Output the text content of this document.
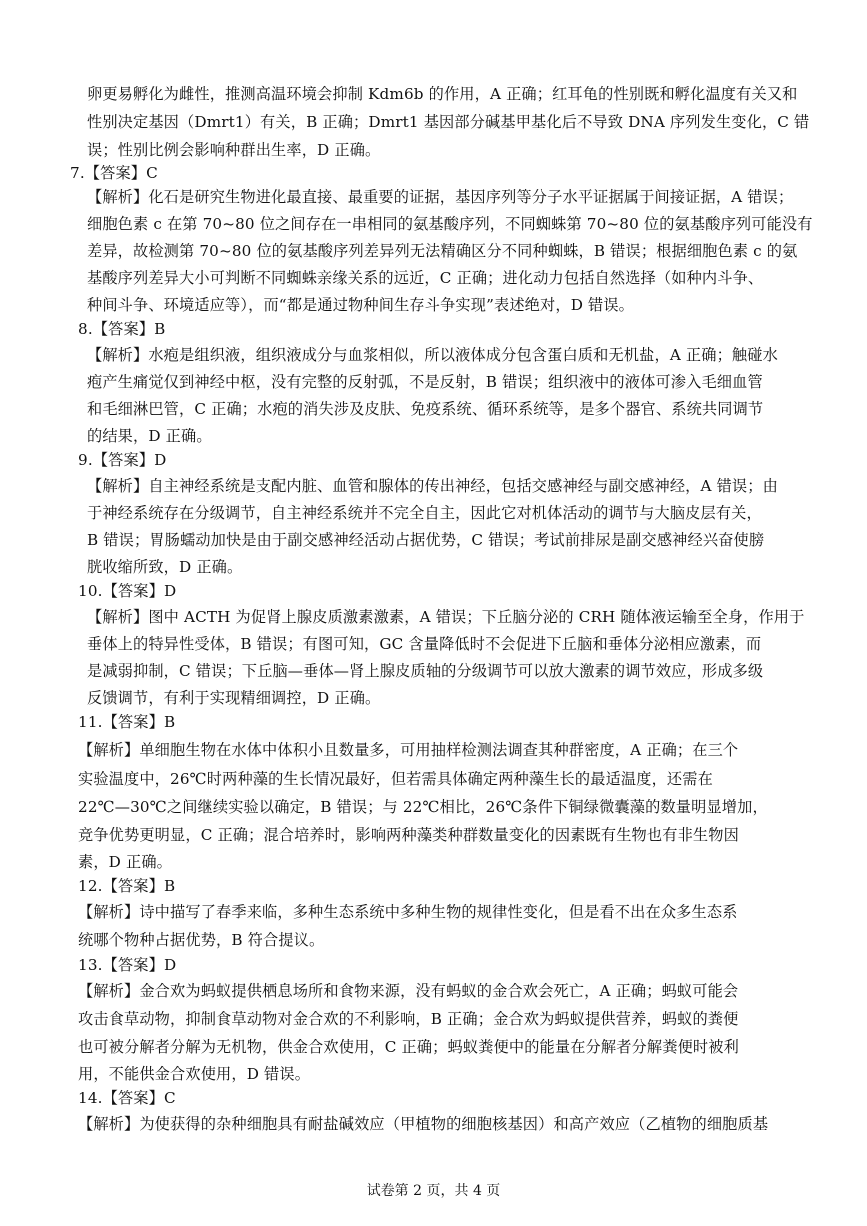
卵更易孵化为雌性，推测高温环境会抑制 Kdm6b 的作用，A 正确；红耳龟的性别既和孵化温度有关又和
性别决定基因（Dmrt1）有关，B 正确；Dmrt1 基因部分碱基甲基化后不导致 DNA 序列发生变化，C 错
误；性别比例会影响种群出生率，D 正确。
7.【答案】C
【解析】化石是研究生物进化最直接、最重要的证据，基因序列等分子水平证据属于间接证据，A 错误；
细胞色素 c 在第 70~80 位之间存在一串相同的氨基酸序列，不同蜘蛛第 70~80 位的氨基酸序列可能没有
差异，故检测第 70~80 位的氨基酸序列差异列无法精确区分不同种蜘蛛，B 错误；根据细胞色素 c 的氨
基酸序列差异大小可判断不同蜘蛛亲缘关系的远近，C 正确；进化动力包括自然选择（如种内斗争、
种间斗争、环境适应等），而“都是通过物种间生存斗争实现”表述绝对，D 错误。
8.【答案】B
【解析】水疱是组织液，组织液成分与血浆相似，所以液体成分包含蛋白质和无机盐，A 正确；触碰水
疱产生痛觉仅到神经中枢，没有完整的反射弧，不是反射，B 错误；组织液中的液体可渗入毛细血管
和毛细淋巴管，C 正确；水疱的消失涉及皮肤、免疫系统、循环系统等，是多个器官、系统共同调节
的结果，D 正确。
9.【答案】D
【解析】自主神经系统是支配内脏、血管和腺体的传出神经，包括交感神经与副交感神经，A 错误；由
于神经系统存在分级调节，自主神经系统并不完全自主，因此它对机体活动的调节与大脑皮层有关，
B 错误；胃肠蠕动加快是由于副交感神经活动占据优势，C 错误；考试前排尿是副交感神经兴奋使膀
胱收缩所致，D 正确。
10.【答案】D
【解析】图中 ACTH 为促肾上腺皮质激素激素，A 错误；下丘脑分泌的 CRH 随体液运输至全身，作用于
垂体上的特异性受体，B 错误；有图可知，GC 含量降低时不会促进下丘脑和垂体分泌相应激素，而
是减弱抑制，C 错误；下丘脑—垂体—肾上腺皮质轴的分级调节可以放大激素的调节效应，形成多级
反馈调节，有利于实现精细调控，D 正确。
11.【答案】B
【解析】单细胞生物在水体中体积小且数量多，可用抽样检测法调查其种群密度，A 正确；在三个
实验温度中，26℃时两种藻的生长情况最好，但若需具体确定两种藻生长的最适温度，还需在
22℃—30℃之间继续实验以确定，B 错误；与 22℃相比，26℃条件下铜绿微囊藻的数量明显增加，
竞争优势更明显，C 正确；混合培养时，影响两种藻类种群数量变化的因素既有生物也有非生物因
素，D 正确。
12.【答案】B
【解析】诗中描写了春季来临，多种生态系统中多种生物的规律性变化，但是看不出在众多生态系
统哪个物种占据优势，B 符合提议。
13.【答案】D
【解析】金合欢为蚂蚁提供栖息场所和食物来源，没有蚂蚁的金合欢会死亡，A 正确；蚂蚁可能会
攻击食草动物，抑制食草动物对金合欢的不利影响，B 正确；金合欢为蚂蚁提供营养，蚂蚁的粪便
也可被分解者分解为无机物，供金合欢使用，C 正确；蚂蚁粪便中的能量在分解者分解粪便时被利
用，不能供金合欢使用，D 错误。
14.【答案】C
【解析】为使获得的杂种细胞具有耐盐碱效应（甲植物的细胞核基因）和高产效应（乙植物的细胞质基
试卷第 2 页，共 4 页
